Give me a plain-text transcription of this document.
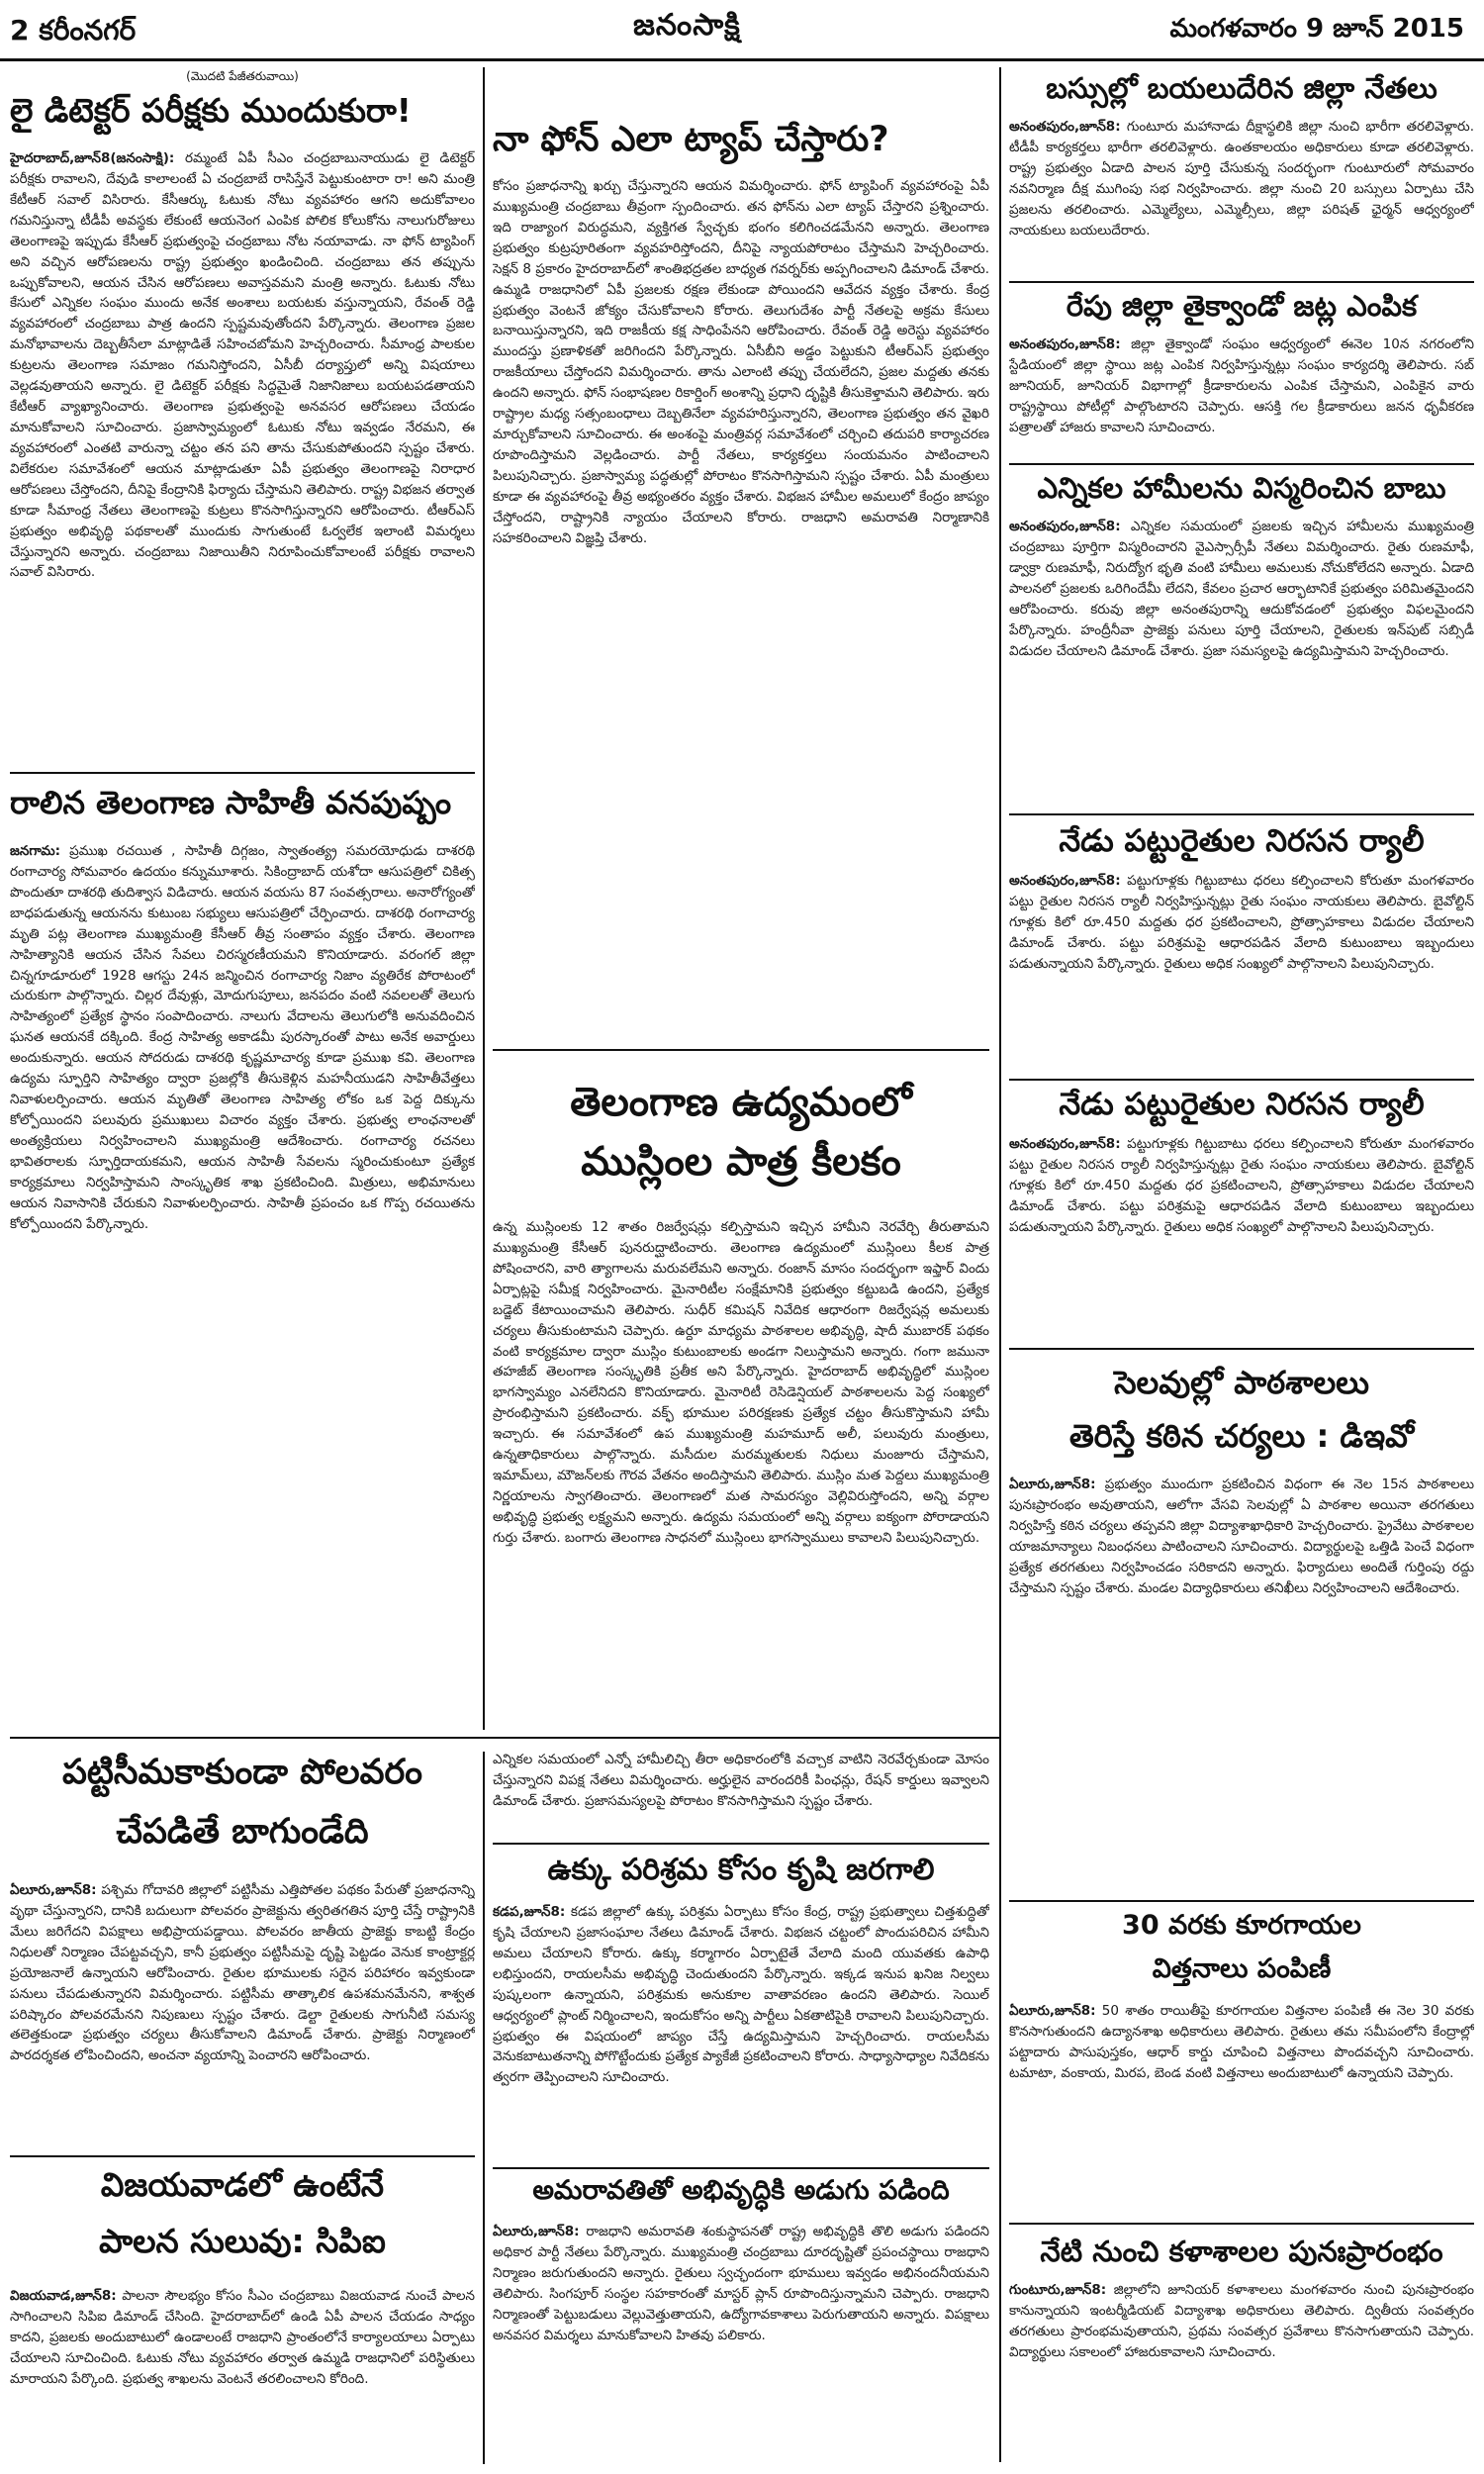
2 కరీంనగర్	జనంసాక్షి	మంగళవారం 9 జూన్ 2015
(మొదటి పేజీతరువాయి)
లై డిటెక్టర్ పరీక్షకు ముందుకురా!
హైదరాబాద్,జూన్8(జనంసాక్షి): రమ్మంటే ఏపీ సీఎం చంద్రబాబునాయుడు లై డిటెక్టర్ పరీక్షకు రావాలని, దేవుడి కాలాలంటే ఏ చంద్రబాబే రాసిస్తేనే పెట్టుకుంటారా రా! అని మంత్రి కేటీఆర్ సవాల్ విసిరారు. కేసీఆర్కు ఓటుకు నోటు వ్యవహారం ఆగని అదుకోవాలం గమనిస్తున్నా టీడీపీ అవస్థకు లేకుంటే ఆయనెంగ ఎంపిక పోలిక కోలుకోను నాలుగురోజులు తెలంగాణపై ఇప్పుడు కేసీఆర్ ప్రభుత్వంపై చంద్రబాబు నోట నయావాడు. నా ఫోన్ ట్యాపింగ్ అని వచ్చిన ఆరోపణలను రాష్ట్ర ప్రభుత్వం ఖండించింది. చంద్రబాబు తన తప్పును ఒప్పుకోవాలని, ఆయన చేసిన ఆరోపణలు అవాస్తవమని మంత్రి అన్నారు. ఓటుకు నోటు కేసులో ఎన్నికల సంఘం ముందు అనేక అంశాలు బయటకు వస్తున్నాయని, రేవంత్ రెడ్డి వ్యవహారంలో చంద్రబాబు పాత్ర ఉందని స్పష్టమవుతోందని పేర్కొన్నారు. తెలంగాణ ప్రజల మనోభావాలను దెబ్బతీసేలా మాట్లాడితే సహించబోమని హెచ్చరించారు. సీమాంధ్ర పాలకుల కుట్రలను తెలంగాణ సమాజం గమనిస్తోందని, ఏసీబీ దర్యాప్తులో అన్ని విషయాలు వెల్లడవుతాయని అన్నారు. లై డిటెక్టర్ పరీక్షకు సిద్ధమైతే నిజానిజాలు బయటపడతాయని కేటీఆర్ వ్యాఖ్యానించారు. తెలంగాణ ప్రభుత్వంపై అనవసర ఆరోపణలు చేయడం మానుకోవాలని సూచించారు. ప్రజాస్వామ్యంలో ఓటుకు నోటు ఇవ్వడం నేరమని, ఈ వ్యవహారంలో ఎంతటి వారున్నా చట్టం తన పని తాను చేసుకుపోతుందని స్పష్టం చేశారు. విలేకరుల సమావేశంలో ఆయన మాట్లాడుతూ ఏపీ ప్రభుత్వం తెలంగాణపై నిరాధార ఆరోపణలు చేస్తోందని, దీనిపై కేంద్రానికి ఫిర్యాదు చేస్తామని తెలిపారు. రాష్ట్ర విభజన తర్వాత కూడా సీమాంధ్ర నేతలు తెలంగాణపై కుట్రలు కొనసాగిస్తున్నారని ఆరోపించారు. టీఆర్ఎస్ ప్రభుత్వం అభివృద్ధి పథకాలతో ముందుకు సాగుతుంటే ఓర్వలేక ఇలాంటి విమర్శలు చేస్తున్నారని అన్నారు. చంద్రబాబు నిజాయితీని నిరూపించుకోవాలంటే పరీక్షకు రావాలని సవాల్ విసిరారు.
రాలిన తెలంగాణ సాహితీ వనపుష్పం
జనగామ: ప్రముఖ రచయిత , సాహితీ దిగ్గజం, స్వాతంత్య్ర సమరయోధుడు దాశరథి రంగాచార్య సోమవారం ఉదయం కన్నుమూశారు. సికింద్రాబాద్ యశోదా ఆసుపత్రిలో చికిత్స పొందుతూ దాశరథి తుదిశ్వాస విడిచారు. ఆయన వయసు 87 సంవత్సరాలు. అనారోగ్యంతో బాధపడుతున్న ఆయనను కుటుంబ సభ్యులు ఆసుపత్రిలో చేర్పించారు. దాశరథి రంగాచార్య మృతి పట్ల తెలంగాణ ముఖ్యమంత్రి కేసీఆర్ తీవ్ర సంతాపం వ్యక్తం చేశారు. తెలంగాణ సాహిత్యానికి ఆయన చేసిన సేవలు చిరస్మరణీయమని కొనియాడారు. వరంగల్ జిల్లా చిన్నగూడూరులో 1928 ఆగస్టు 24న జన్మించిన రంగాచార్య నిజాం వ్యతిరేక పోరాటంలో చురుకుగా పాల్గొన్నారు. చిల్లర దేవుళ్లు, మోదుగుపూలు, జనపదం వంటి నవలలతో తెలుగు సాహిత్యంలో ప్రత్యేక స్థానం సంపాదించారు. నాలుగు వేదాలను తెలుగులోకి అనువదించిన ఘనత ఆయనకే దక్కింది. కేంద్ర సాహిత్య అకాడమీ పురస్కారంతో పాటు అనేక అవార్డులు అందుకున్నారు. ఆయన సోదరుడు దాశరథి కృష్ణమాచార్య కూడా ప్రముఖ కవి. తెలంగాణ ఉద్యమ స్ఫూర్తిని సాహిత్యం ద్వారా ప్రజల్లోకి తీసుకెళ్లిన మహనీయుడని సాహితీవేత్తలు నివాళులర్పించారు. ఆయన మృతితో తెలంగాణ సాహిత్య లోకం ఒక పెద్ద దిక్కును కోల్పోయిందని పలువురు ప్రముఖులు విచారం వ్యక్తం చేశారు. ప్రభుత్వ లాంఛనాలతో అంత్యక్రియలు నిర్వహించాలని ముఖ్యమంత్రి ఆదేశించారు. రంగాచార్య రచనలు భావితరాలకు స్ఫూర్తిదాయకమని, ఆయన సాహితీ సేవలను స్మరించుకుంటూ ప్రత్యేక కార్యక్రమాలు నిర్వహిస్తామని సాంస్కృతిక శాఖ ప్రకటించింది. మిత్రులు, అభిమానులు ఆయన నివాసానికి చేరుకుని నివాళులర్పించారు. సాహితీ ప్రపంచం ఒక గొప్ప రచయితను కోల్పోయిందని పేర్కొన్నారు.
నా ఫోన్ ఎలా ట్యాప్ చేస్తారు?
కోసం ప్రజాధనాన్ని ఖర్చు చేస్తున్నారని ఆయన విమర్శించారు. ఫోన్ ట్యాపింగ్ వ్యవహారంపై ఏపీ ముఖ్యమంత్రి చంద్రబాబు తీవ్రంగా స్పందించారు. తన ఫోన్‌ను ఎలా ట్యాప్ చేస్తారని ప్రశ్నించారు. ఇది రాజ్యాంగ విరుద్ధమని, వ్యక్తిగత స్వేచ్ఛకు భంగం కలిగించడమేనని అన్నారు. తెలంగాణ ప్రభుత్వం కుట్రపూరితంగా వ్యవహరిస్తోందని, దీనిపై న్యాయపోరాటం చేస్తామని హెచ్చరించారు. సెక్షన్ 8 ప్రకారం హైదరాబాద్‌లో శాంతిభద్రతల బాధ్యత గవర్నర్‌కు అప్పగించాలని డిమాండ్ చేశారు. ఉమ్మడి రాజధానిలో ఏపీ ప్రజలకు రక్షణ లేకుండా పోయిందని ఆవేదన వ్యక్తం చేశారు. కేంద్ర ప్రభుత్వం వెంటనే జోక్యం చేసుకోవాలని కోరారు. తెలుగుదేశం పార్టీ నేతలపై అక్రమ కేసులు బనాయిస్తున్నారని, ఇది రాజకీయ కక్ష సాధింపేనని ఆరోపించారు. రేవంత్ రెడ్డి అరెస్టు వ్యవహారం ముందస్తు ప్రణాళికతో జరిగిందని పేర్కొన్నారు. ఏసీబీని అడ్డం పెట్టుకుని టీఆర్ఎస్ ప్రభుత్వం రాజకీయాలు చేస్తోందని విమర్శించారు. తాను ఎలాంటి తప్పు చేయలేదని, ప్రజల మద్దతు తనకు ఉందని అన్నారు. ఫోన్ సంభాషణల రికార్డింగ్ అంశాన్ని ప్రధాని దృష్టికి తీసుకెళ్తామని తెలిపారు. ఇరు రాష్ట్రాల మధ్య సత్సంబంధాలు దెబ్బతినేలా వ్యవహరిస్తున్నారని, తెలంగాణ ప్రభుత్వం తన వైఖరి మార్చుకోవాలని సూచించారు. ఈ అంశంపై మంత్రివర్గ సమావేశంలో చర్చించి తదుపరి కార్యాచరణ రూపొందిస్తామని వెల్లడించారు. పార్టీ నేతలు, కార్యకర్తలు సంయమనం పాటించాలని పిలుపునిచ్చారు. ప్రజాస్వామ్య పద్ధతుల్లో పోరాటం కొనసాగిస్తామని స్పష్టం చేశారు. ఏపీ మంత్రులు కూడా ఈ వ్యవహారంపై తీవ్ర అభ్యంతరం వ్యక్తం చేశారు. విభజన హామీల అమలులో కేంద్రం జాప్యం చేస్తోందని, రాష్ట్రానికి న్యాయం చేయాలని కోరారు. రాజధాని అమరావతి నిర్మాణానికి సహకరించాలని విజ్ఞప్తి చేశారు.
తెలంగాణ ఉద్యమంలో
ముస్లింల పాత్ర కీలకం
ఉన్న ముస్లింలకు 12 శాతం రిజర్వేషన్లు కల్పిస్తామని ఇచ్చిన హామీని నెరవేర్చి తీరుతామని ముఖ్యమంత్రి కేసీఆర్ పునరుద్ఘాటించారు. తెలంగాణ ఉద్యమంలో ముస్లింలు కీలక పాత్ర పోషించారని, వారి త్యాగాలను మరువలేమని అన్నారు. రంజాన్ మాసం సందర్భంగా ఇఫ్తార్ విందు ఏర్పాట్లపై సమీక్ష నిర్వహించారు. మైనారిటీల సంక్షేమానికి ప్రభుత్వం కట్టుబడి ఉందని, ప్రత్యేక బడ్జెట్ కేటాయించామని తెలిపారు. సుధీర్ కమిషన్ నివేదిక ఆధారంగా రిజర్వేషన్ల అమలుకు చర్యలు తీసుకుంటామని చెప్పారు. ఉర్దూ మాధ్యమ పాఠశాలల అభివృద్ధి, షాదీ ముబారక్ పథకం వంటి కార్యక్రమాల ద్వారా ముస్లిం కుటుంబాలకు అండగా నిలుస్తామని అన్నారు. గంగా జమునా తహజీబ్ తెలంగాణ సంస్కృతికి ప్రతీక అని పేర్కొన్నారు. హైదరాబాద్ అభివృద్ధిలో ముస్లింల భాగస్వామ్యం ఎనలేనిదని కొనియాడారు. మైనారిటీ రెసిడెన్షియల్ పాఠశాలలను పెద్ద సంఖ్యలో ప్రారంభిస్తామని ప్రకటించారు. వక్ఫ్ భూముల పరిరక్షణకు ప్రత్యేక చట్టం తీసుకొస్తామని హామీ ఇచ్చారు. ఈ సమావేశంలో ఉప ముఖ్యమంత్రి మహమూద్ అలీ, పలువురు మంత్రులు, ఉన్నతాధికారులు పాల్గొన్నారు. మసీదుల మరమ్మతులకు నిధులు మంజూరు చేస్తామని, ఇమామ్‌లు, మౌజన్‌లకు గౌరవ వేతనం అందిస్తామని తెలిపారు. ముస్లిం మత పెద్దలు ముఖ్యమంత్రి నిర్ణయాలను స్వాగతించారు. తెలంగాణలో మత సామరస్యం వెల్లివిరుస్తోందని, అన్ని వర్గాల అభివృద్ధి ప్రభుత్వ లక్ష్యమని అన్నారు. ఉద్యమ సమయంలో అన్ని వర్గాలు ఐక్యంగా పోరాడాయని గుర్తు చేశారు. బంగారు తెలంగాణ సాధనలో ముస్లింలు భాగస్వాములు కావాలని పిలుపునిచ్చారు.
పట్టిసీమకాకుండా పోలవరం
చేపడితే బాగుండేది
ఏలూరు,జూన్8: పశ్చిమ గోదావరి జిల్లాలో పట్టిసీమ ఎత్తిపోతల పథకం పేరుతో ప్రజాధనాన్ని వృథా చేస్తున్నారని, దానికి బదులుగా పోలవరం ప్రాజెక్టును త్వరితగతిన పూర్తి చేస్తే రాష్ట్రానికి మేలు జరిగేదని విపక్షాలు అభిప్రాయపడ్డాయి. పోలవరం జాతీయ ప్రాజెక్టు కాబట్టి కేంద్రం నిధులతో నిర్మాణం చేపట్టవచ్చని, కానీ ప్రభుత్వం పట్టిసీమపై దృష్టి పెట్టడం వెనుక కాంట్రాక్టర్ల ప్రయోజనాలే ఉన్నాయని ఆరోపించారు. రైతుల భూములకు సరైన పరిహారం ఇవ్వకుండా పనులు చేపడుతున్నారని విమర్శించారు. పట్టిసీమ తాత్కాలిక ఉపశమనమేనని, శాశ్వత పరిష్కారం పోలవరమేనని నిపుణులు స్పష్టం చేశారు. డెల్టా రైతులకు సాగునీటి సమస్య తలెత్తకుండా ప్రభుత్వం చర్యలు తీసుకోవాలని డిమాండ్ చేశారు. ప్రాజెక్టు నిర్మాణంలో పారదర్శకత లోపించిందని, అంచనా వ్యయాన్ని పెంచారని ఆరోపించారు.
విజయవాడలో ఉంటేనే
పాలన సులువు: సిపిఐ
విజయవాడ,జూన్8: పాలనా సౌలభ్యం కోసం సీఎం చంద్రబాబు విజయవాడ నుంచే పాలన సాగించాలని సిపిఐ డిమాండ్ చేసింది. హైదరాబాద్‌లో ఉండి ఏపీ పాలన చేయడం సాధ్యం కాదని, ప్రజలకు అందుబాటులో ఉండాలంటే రాజధాని ప్రాంతంలోనే కార్యాలయాలు ఏర్పాటు చేయాలని సూచించింది. ఓటుకు నోటు వ్యవహారం తర్వాత ఉమ్మడి రాజధానిలో పరిస్థితులు మారాయని పేర్కొంది. ప్రభుత్వ శాఖలను వెంటనే తరలించాలని కోరింది.
ఎన్నికల సమయంలో ఎన్నో హామీలిచ్చి తీరా అధికారంలోకి వచ్చాక వాటిని నెరవేర్చకుండా మోసం చేస్తున్నారని విపక్ష నేతలు విమర్శించారు. అర్హులైన వారందరికీ పింఛన్లు, రేషన్ కార్డులు ఇవ్వాలని డిమాండ్ చేశారు. ప్రజాసమస్యలపై పోరాటం కొనసాగిస్తామని స్పష్టం చేశారు.
ఉక్కు పరిశ్రమ కోసం కృషి జరగాలి
కడప,జూన్8: కడప జిల్లాలో ఉక్కు పరిశ్రమ ఏర్పాటు కోసం కేంద్ర, రాష్ట్ర ప్రభుత్వాలు చిత్తశుద్ధితో కృషి చేయాలని ప్రజాసంఘాల నేతలు డిమాండ్ చేశారు. విభజన చట్టంలో పొందుపరిచిన హామీని అమలు చేయాలని కోరారు. ఉక్కు కర్మాగారం ఏర్పాటైతే వేలాది మంది యువతకు ఉపాధి లభిస్తుందని, రాయలసీమ అభివృద్ధి చెందుతుందని పేర్కొన్నారు. ఇక్కడ ఇనుప ఖనిజ నిల్వలు పుష్కలంగా ఉన్నాయని, పరిశ్రమకు అనుకూల వాతావరణం ఉందని తెలిపారు. సెయిల్ ఆధ్వర్యంలో ప్లాంట్ నిర్మించాలని, ఇందుకోసం అన్ని పార్టీలు ఏకతాటిపైకి రావాలని పిలుపునిచ్చారు. ప్రభుత్వం ఈ విషయంలో జాప్యం చేస్తే ఉద్యమిస్తామని హెచ్చరించారు. రాయలసీమ వెనుకబాటుతనాన్ని పోగొట్టేందుకు ప్రత్యేక ప్యాకేజీ ప్రకటించాలని కోరారు. సాధ్యాసాధ్యాల నివేదికను త్వరగా తెప్పించాలని సూచించారు.
అమరావతితో అభివృద్ధికి అడుగు పడింది
ఏలూరు,జూన్8: రాజధాని అమరావతి శంకుస్థాపనతో రాష్ట్ర అభివృద్ధికి తొలి అడుగు పడిందని అధికార పార్టీ నేతలు పేర్కొన్నారు. ముఖ్యమంత్రి చంద్రబాబు దూరదృష్టితో ప్రపంచస్థాయి రాజధాని నిర్మాణం జరుగుతుందని అన్నారు. రైతులు స్వచ్ఛందంగా భూములు ఇవ్వడం అభినందనీయమని తెలిపారు. సింగపూర్ సంస్థల సహకారంతో మాస్టర్ ప్లాన్ రూపొందిస్తున్నామని చెప్పారు. రాజధాని నిర్మాణంతో పెట్టుబడులు వెల్లువెత్తుతాయని, ఉద్యోగావకాశాలు పెరుగుతాయని అన్నారు. విపక్షాలు అనవసర విమర్శలు మానుకోవాలని హితవు పలికారు.
బస్సుల్లో బయలుదేరిన జిల్లా నేతలు
అనంతపురం,జూన్8: గుంటూరు మహానాడు దీక్షాస్థలికి జిల్లా నుంచి భారీగా తరలివెళ్లారు. టీడీపీ కార్యకర్తలు భారీగా తరలివెళ్లారు. ఉంతకాలయం అధికారులు కూడా తరలివెళ్లారు. రాష్ట్ర ప్రభుత్వం ఏడాది పాలన పూర్తి చేసుకున్న సందర్భంగా గుంటూరులో సోమవారం నవనిర్మాణ దీక్ష ముగింపు సభ నిర్వహించారు. జిల్లా నుంచి 20 బస్సులు ఏర్పాటు చేసి ప్రజలను తరలించారు. ఎమ్మెల్యేలు, ఎమ్మెల్సీలు, జిల్లా పరిషత్ ఛైర్మన్ ఆధ్వర్యంలో నాయకులు బయలుదేరారు.
రేపు జిల్లా తైక్వాండో జట్ల ఎంపిక
అనంతపురం,జూన్8: జిల్లా తైక్వాండో సంఘం ఆధ్వర్యంలో ఈనెల 10న నగరంలోని స్టేడియంలో జిల్లా స్థాయి జట్ల ఎంపిక నిర్వహిస్తున్నట్లు సంఘం కార్యదర్శి తెలిపారు. సబ్ జూనియర్, జూనియర్ విభాగాల్లో క్రీడాకారులను ఎంపిక చేస్తామని, ఎంపికైన వారు రాష్ట్రస్థాయి పోటీల్లో పాల్గొంటారని చెప్పారు. ఆసక్తి గల క్రీడాకారులు జనన ధృవీకరణ పత్రాలతో హాజరు కావాలని సూచించారు.
ఎన్నికల హామీలను విస్మరించిన బాబు
అనంతపురం,జూన్8: ఎన్నికల సమయంలో ప్రజలకు ఇచ్చిన హామీలను ముఖ్యమంత్రి చంద్రబాబు పూర్తిగా విస్మరించారని వైఎస్సార్సీపీ నేతలు విమర్శించారు. రైతు రుణమాఫీ, డ్వాక్రా రుణమాఫీ, నిరుద్యోగ భృతి వంటి హామీలు అమలుకు నోచుకోలేదని అన్నారు. ఏడాది పాలనలో ప్రజలకు ఒరిగిందేమీ లేదని, కేవలం ప్రచార ఆర్భాటానికే ప్రభుత్వం పరిమితమైందని ఆరోపించారు. కరువు జిల్లా అనంతపురాన్ని ఆదుకోవడంలో ప్రభుత్వం విఫలమైందని పేర్కొన్నారు. హంద్రీనీవా ప్రాజెక్టు పనులు పూర్తి చేయాలని, రైతులకు ఇన్‌పుట్ సబ్సిడీ విడుదల చేయాలని డిమాండ్ చేశారు. ప్రజా సమస్యలపై ఉద్యమిస్తామని హెచ్చరించారు.
నేడు పట్టురైతుల నిరసన ర్యాలీ
అనంతపురం,జూన్8: పట్టుగూళ్లకు గిట్టుబాటు ధరలు కల్పించాలని కోరుతూ మంగళవారం పట్టు రైతుల నిరసన ర్యాలీ నిర్వహిస్తున్నట్లు రైతు సంఘం నాయకులు తెలిపారు. బైవోల్టిన్ గూళ్లకు కిలో రూ.450 మద్దతు ధర ప్రకటించాలని, ప్రోత్సాహకాలు విడుదల చేయాలని డిమాండ్ చేశారు. పట్టు పరిశ్రమపై ఆధారపడిన వేలాది కుటుంబాలు ఇబ్బందులు పడుతున్నాయని పేర్కొన్నారు. రైతులు అధిక సంఖ్యలో పాల్గొనాలని పిలుపునిచ్చారు.
నేడు పట్టురైతుల నిరసన ర్యాలీ
అనంతపురం,జూన్8: పట్టుగూళ్లకు గిట్టుబాటు ధరలు కల్పించాలని కోరుతూ మంగళవారం పట్టు రైతుల నిరసన ర్యాలీ నిర్వహిస్తున్నట్లు రైతు సంఘం నాయకులు తెలిపారు. బైవోల్టిన్ గూళ్లకు కిలో రూ.450 మద్దతు ధర ప్రకటించాలని, ప్రోత్సాహకాలు విడుదల చేయాలని డిమాండ్ చేశారు. పట్టు పరిశ్రమపై ఆధారపడిన వేలాది కుటుంబాలు ఇబ్బందులు పడుతున్నాయని పేర్కొన్నారు. రైతులు అధిక సంఖ్యలో పాల్గొనాలని పిలుపునిచ్చారు.
సెలవుల్లో పాఠశాలలు
తెరిస్తే కఠిన చర్యలు : డిఇవో
ఏలూరు,జూన్8: ప్రభుత్వం ముందుగా ప్రకటించిన విధంగా ఈ నెల 15న పాఠశాలలు పునఃప్రారంభం అవుతాయని, ఆలోగా వేసవి సెలవుల్లో ఏ పాఠశాల అయినా తరగతులు నిర్వహిస్తే కఠిన చర్యలు తప్పవని జిల్లా విద్యాశాఖాధికారి హెచ్చరించారు. ప్రైవేటు పాఠశాలల యాజమాన్యాలు నిబంధనలు పాటించాలని సూచించారు. విద్యార్థులపై ఒత్తిడి పెంచే విధంగా ప్రత్యేక తరగతులు నిర్వహించడం సరికాదని అన్నారు. ఫిర్యాదులు అందితే గుర్తింపు రద్దు చేస్తామని స్పష్టం చేశారు. మండల విద్యాధికారులు తనిఖీలు నిర్వహించాలని ఆదేశించారు.
30 వరకు కూరగాయల
విత్తనాలు పంపిణీ
ఏలూరు,జూన్8: 50 శాతం రాయితీపై కూరగాయల విత్తనాల పంపిణీ ఈ నెల 30 వరకు కొనసాగుతుందని ఉద్యానశాఖ అధికారులు తెలిపారు. రైతులు తమ సమీపంలోని కేంద్రాల్లో పట్టాదారు పాసుపుస్తకం, ఆధార్ కార్డు చూపించి విత్తనాలు పొందవచ్చని సూచించారు. టమాటా, వంకాయ, మిరప, బెండ వంటి విత్తనాలు అందుబాటులో ఉన్నాయని చెప్పారు.
నేటి నుంచి కళాశాలల పునఃప్రారంభం
గుంటూరు,జూన్8: జిల్లాలోని జూనియర్ కళాశాలలు మంగళవారం నుంచి పునఃప్రారంభం కానున్నాయని ఇంటర్మీడియట్ విద్యాశాఖ అధికారులు తెలిపారు. ద్వితీయ సంవత్సరం తరగతులు ప్రారంభమవుతాయని, ప్రథమ సంవత్సర ప్రవేశాలు కొనసాగుతాయని చెప్పారు. విద్యార్థులు సకాలంలో హాజరుకావాలని సూచించారు.
